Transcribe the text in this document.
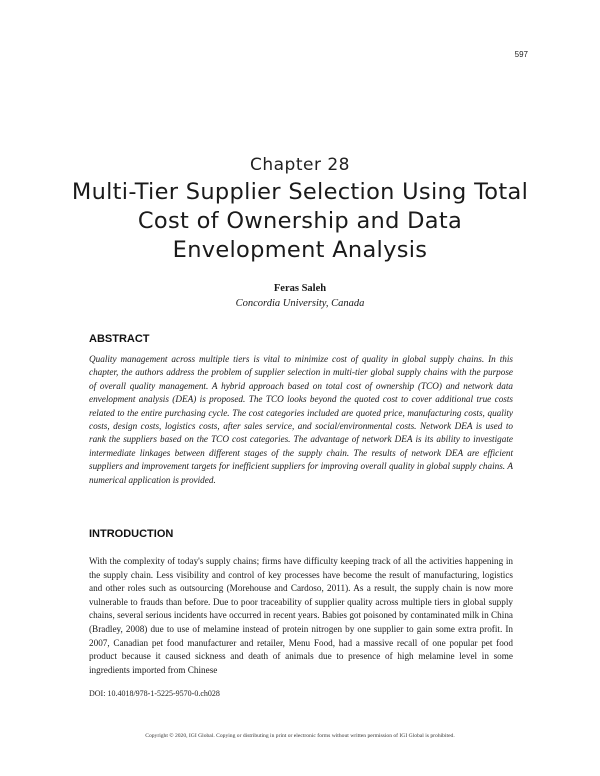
597
Chapter 28
Multi-Tier Supplier Selection Using Total Cost of Ownership and Data Envelopment Analysis
Feras Saleh
Concordia University, Canada
ABSTRACT
Quality management across multiple tiers is vital to minimize cost of quality in global supply chains. In this chapter, the authors address the problem of supplier selection in multi-tier global supply chains with the purpose of overall quality management. A hybrid approach based on total cost of ownership (TCO) and network data envelopment analysis (DEA) is proposed. The TCO looks beyond the quoted cost to cover additional true costs related to the entire purchasing cycle. The cost categories included are quoted price, manufacturing costs, quality costs, design costs, logistics costs, after sales service, and social/environmental costs. Network DEA is used to rank the suppliers based on the TCO cost categories. The advantage of network DEA is its ability to investigate intermediate linkages between different stages of the supply chain. The results of network DEA are efficient suppliers and improvement targets for inefficient suppliers for improving overall quality in global supply chains. A numerical application is provided.
INTRODUCTION
With the complexity of today's supply chains; firms have difficulty keeping track of all the activities happening in the supply chain. Less visibility and control of key processes have become the result of manufacturing, logistics and other roles such as outsourcing (Morehouse and Cardoso, 2011). As a result, the supply chain is now more vulnerable to frauds than before. Due to poor traceability of supplier quality across multiple tiers in global supply chains, several serious incidents have occurred in recent years. Babies got poisoned by contaminated milk in China (Bradley, 2008) due to use of melamine instead of protein nitrogen by one supplier to gain some extra profit. In 2007, Canadian pet food manufacturer and retailer, Menu Food, had a massive recall of one popular pet food product because it caused sickness and death of animals due to presence of high melamine level in some ingredients imported from Chinese
DOI: 10.4018/978-1-5225-9570-0.ch028
Copyright © 2020, IGI Global. Copying or distributing in print or electronic forms without written permission of IGI Global is prohibited.
